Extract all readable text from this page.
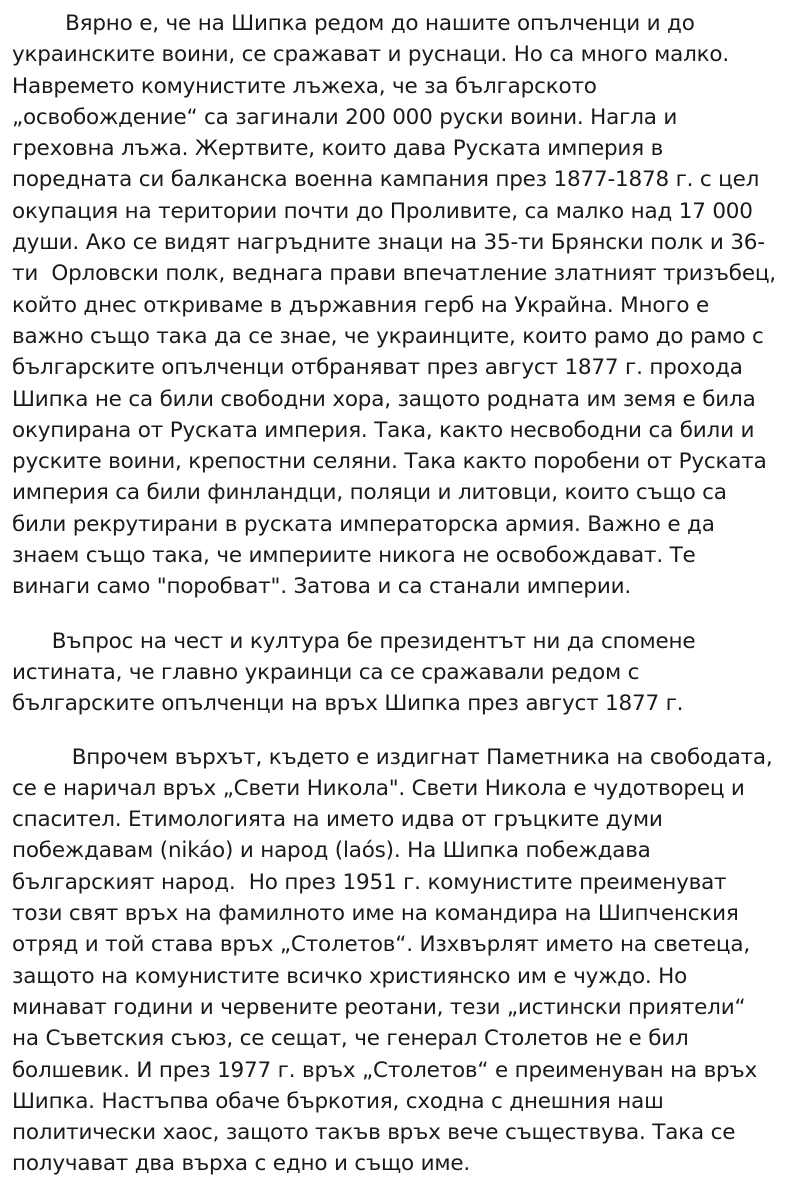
Вярно е, че на Шипка редом до нашите опълченци и до
украинските воини, се сражават и руснаци. Но са много малко.
Навремето комунистите лъжеха, че за българското
„освобождение“ са загинали 200 000 руски воини. Нагла и
греховна лъжа. Жертвите, които дава Руската империя в
поредната си балканска военна кампания през 1877-1878 г. с цел
окупация на територии почти до Проливите, са малко над 17 000
души. Ако се видят нагръдните знаци на 35-ти Брянски полк и 36-
ти  Орловски полк, веднага прави впечатление златният тризъбец,
който днес откриваме в държавния герб на Украйна. Много е
важно също така да се знае, че украинците, които рамо до рамо с
българските опълченци отбраняват през август 1877 г. прохода
Шипка не са били свободни хора, защото родната им земя е била
окупирана от Руската империя. Така, както несвободни са били и
руските воини, крепостни селяни. Така както поробени от Руската
империя са били финландци, поляци и литовци, които също са
били рекрутирани в руската императорска армия. Важно е да
знаем също така, че империите никога не освобождават. Те
винаги само "поробват". Затова и са станали империи.
Въпрос на чест и култура бе президентът ни да спомене
истината, че главно украинци са се сражавали редом с
българските опълченци на връх Шипка през август 1877 г.
Впрочем върхът, където е издигнат Паметника на свободата,
се е наричал връх „Свети Никола". Свети Никола е чудотворец и
спасител. Етимологията на името идва от гръцките думи
побеждавам (nikáo) и народ (laós). На Шипка побеждава
българският народ.  Но през 1951 г. комунистите преименуват
този свят връх на фамилното име на командира на Шипченския
отряд и той става връх „Столетов“. Изхвърлят името на светеца,
защото на комунистите всичко християнско им е чуждо. Но
минават години и червените реотани, тези „истински приятели“
на Съветския съюз, се сещат, че генерал Столетов не е бил
болшевик. И през 1977 г. връх „Столетов“ е преименуван на връх
Шипка. Настъпва обаче бъркотия, сходна с днешния наш
политически хаос, защото такъв връх вече съществува. Така се
получават два върха с едно и също име.
